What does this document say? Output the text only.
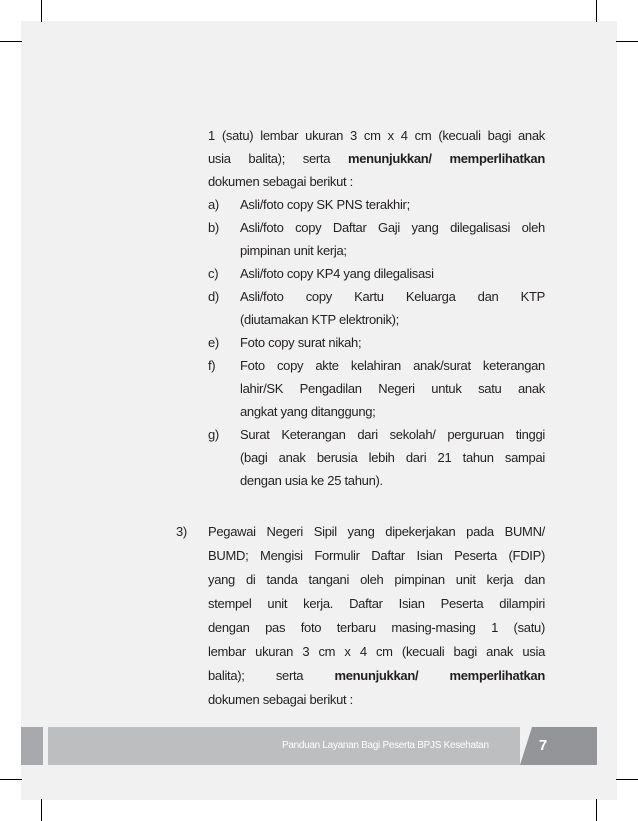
1 (satu) lembar ukuran 3 cm x 4 cm (kecuali bagi anak
usia balita); serta menunjukkan/ memperlihatkan
dokumen sebagai berikut :
a)	Asli/foto copy SK PNS terakhir;
b)	Asli/foto copy Daftar Gaji yang dilegalisasi oleh
pimpinan unit kerja;
c)	Asli/foto copy KP4 yang dilegalisasi
d)	Asli/foto copy Kartu Keluarga dan KTP
(diutamakan KTP elektronik);
e)	Foto copy surat nikah;
f)	Foto copy akte kelahiran anak/surat keterangan
lahir/SK Pengadilan Negeri untuk satu anak
angkat yang ditanggung;
g)	Surat Keterangan dari sekolah/ perguruan tinggi
(bagi anak berusia lebih dari 21 tahun sampai
dengan usia ke 25 tahun).
3)	Pegawai Negeri Sipil yang dipekerjakan pada BUMN/
BUMD; Mengisi Formulir Daftar Isian Peserta (FDIP)
yang di tanda tangani oleh pimpinan unit kerja dan
stempel unit kerja. Daftar Isian Peserta dilampiri
dengan pas foto terbaru masing-masing 1 (satu)
lembar ukuran 3 cm x 4 cm (kecuali bagi anak usia
balita); serta menunjukkan/ memperlihatkan
dokumen sebagai berikut :
Panduan Layanan Bagi Peserta BPJS Kesehatan	7
